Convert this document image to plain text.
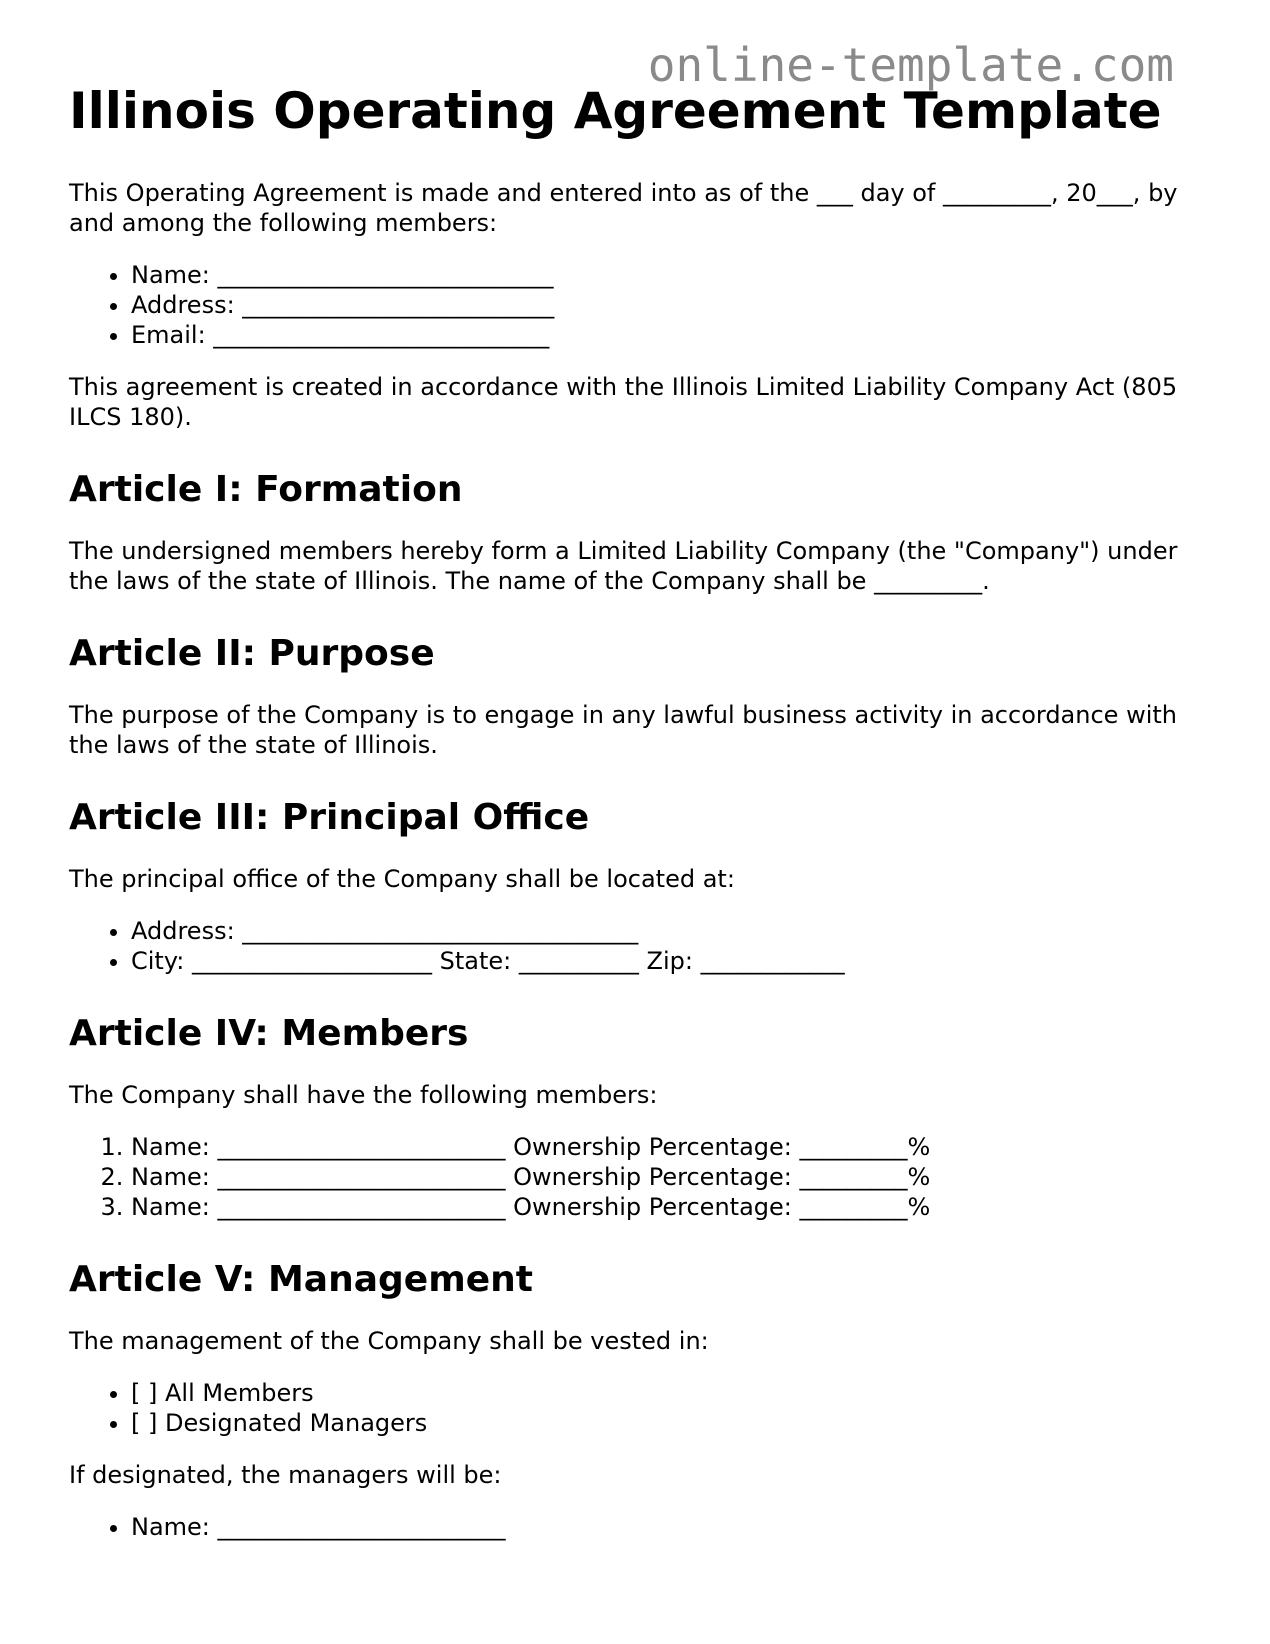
online-template.com
Illinois Operating Agreement Template

This Operating Agreement is made and entered into as of the ___ day of _________, 20___, by and among the following members:

• Name: ____________________________
• Address: __________________________
• Email: ____________________________

This agreement is created in accordance with the Illinois Limited Liability Company Act (805 ILCS 180).

Article I: Formation

The undersigned members hereby form a Limited Liability Company (the "Company") under the laws of the state of Illinois. The name of the Company shall be _________.

Article II: Purpose

The purpose of the Company is to engage in any lawful business activity in accordance with the laws of the state of Illinois.

Article III: Principal Office

The principal office of the Company shall be located at:

• Address: _________________________________
• City: ____________________ State: __________ Zip: ____________
Article IV: Members

The Company shall have the following members:

1. Name: ________________________ Ownership Percentage: _________%
2. Name: ________________________ Ownership Percentage: _________%
3. Name: ________________________ Ownership Percentage: _________%
Article V: Management

The management of the Company shall be vested in:

• [ ] All Members
• [ ] Designated Managers

If designated, the managers will be:

• Name: ________________________
